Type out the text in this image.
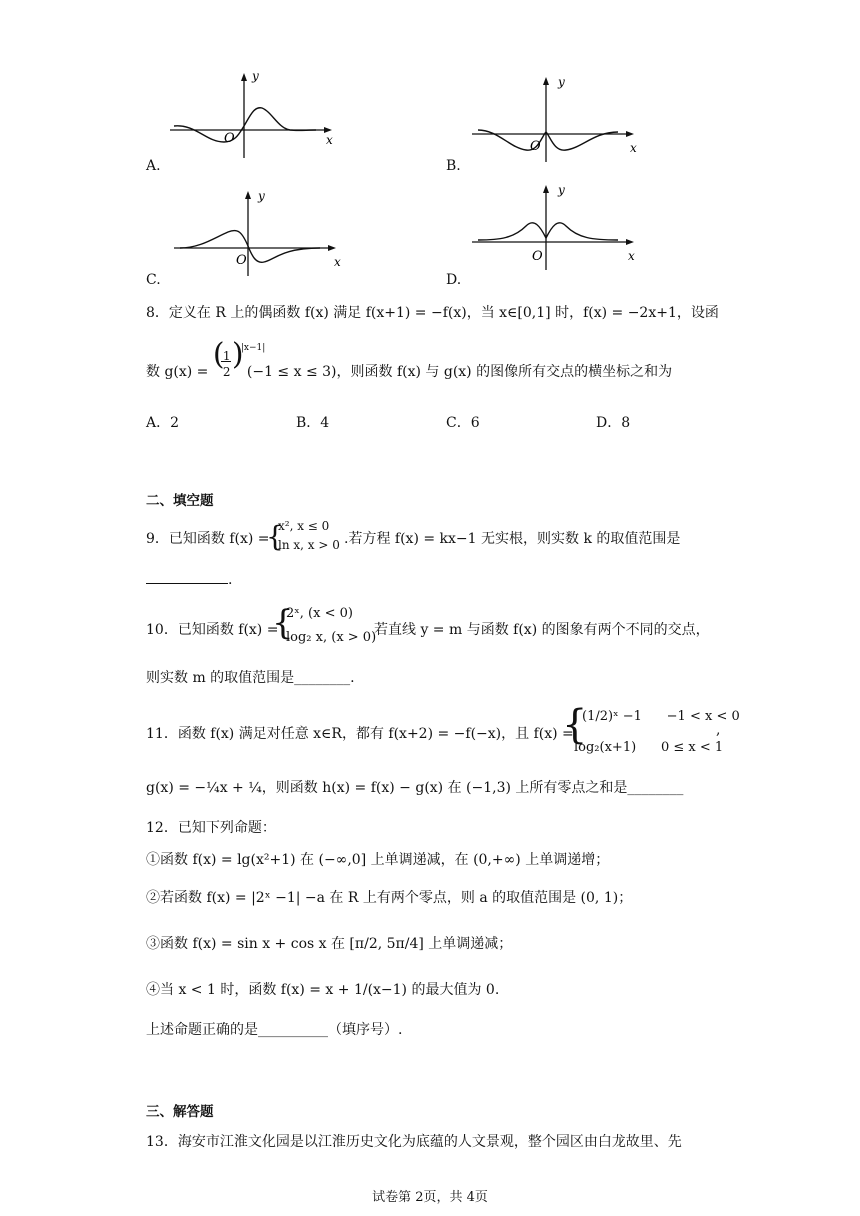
y
x
O
A.
y
x
O
B.
y
x
O
C.
y
x
O
D.
8．定义在 R 上的偶函数 f(x) 满足 f(x+1) = −f(x)，当 x∈[0,1] 时，f(x) = −2x+1，设函
数 g(x) = (
1
2 )
|x−1|
(−1 ≤ x ≤ 3)，则函数 f(x) 与 g(x) 的图像所有交点的横坐标之和为
A．2	B．4	C．6	D．8
二、填空题
9．已知函数 f(x) =
{
x², x ≤ 0
ln x, x > 0 .若方程 f(x) = kx−1 无实根，则实数 k 的取值范围是
.
10．已知函数 f(x) =
{
2ˣ, (x < 0)
log₂ x, (x > 0)
若直线 y = m 与函数 f(x) 的图象有两个不同的交点，
则实数 m 的取值范围是________.
11．函数 f(x) 满足对任意 x∈R，都有 f(x+2) = −f(−x)，且 f(x) =
{
(1/2)ˣ −1      −1 < x < 0
log₂(x+1)      0 ≤ x < 1
,
g(x) = −¼x + ¼，则函数 h(x) = f(x) − g(x) 在 (−1,3) 上所有零点之和是________
12．已知下列命题：
①函数 f(x) = lg(x²+1) 在 (−∞,0] 上单调递减，在 (0,+∞) 上单调递增；
②若函数 f(x) = |2ˣ −1| −a 在 R 上有两个零点，则 a 的取值范围是 (0, 1)；
③函数 f(x) = sin x + cos x 在 [π/2, 5π/4] 上单调递减；
④当 x < 1 时，函数 f(x) = x + 1/(x−1) 的最大值为 0.
上述命题正确的是__________（填序号）.
三、解答题
13．海安市江淮文化园是以江淮历史文化为底蕴的人文景观，整个园区由白龙故里、先
试卷第 2页，共 4页
